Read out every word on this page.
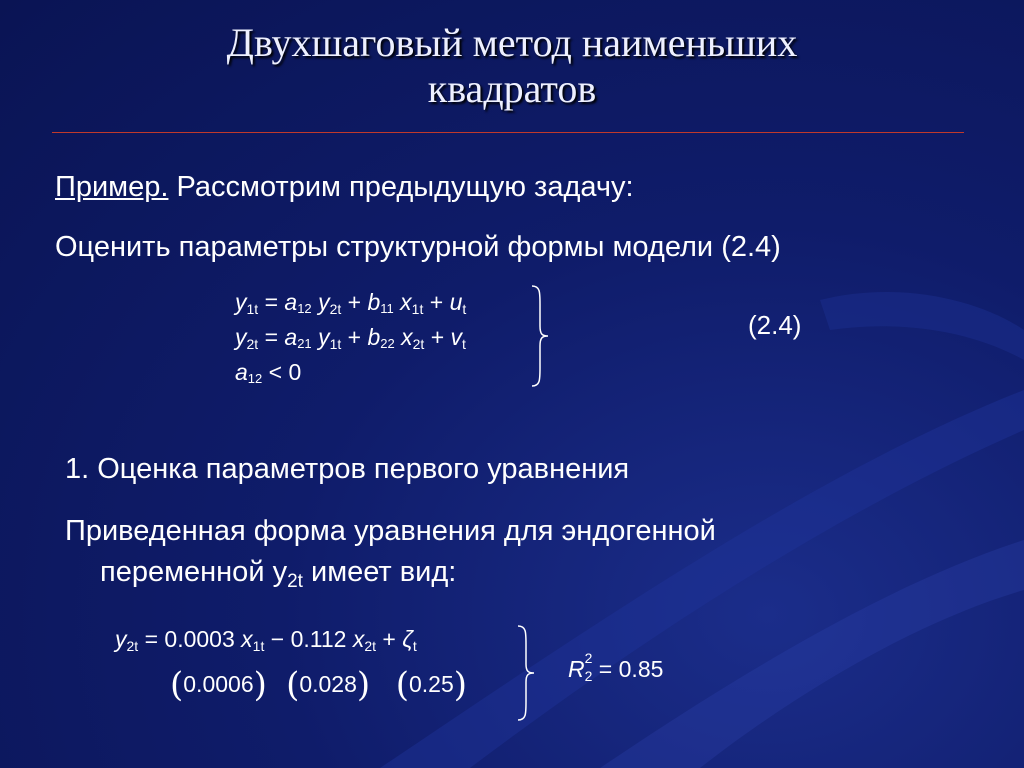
Двухшаговый метод наименьших
квадратов
Пример. Рассмотрим предыдущую задачу:
Оценить параметры структурной формы модели (2.4)
$y_{1t} = a12$ $y_{2t} + b11$ $x_{1t} + u_t$
$y_{2t} = a21$ $y_{1t} + b22$ $x_{2t} + v_t$
a12 < 0
(2.4)
1. Оценка параметров первого уравнения
Приведенная форма уравнения для эндогенной
переменной $y_{2t}$ имеет вид:
$y_{2t} = 0.0003$ $x_{1t} - 0.112$ $x_{2t} + \zeta_t$
(0.0006) (0.028) (0.25)	R 2
$_2$ = 0.85
